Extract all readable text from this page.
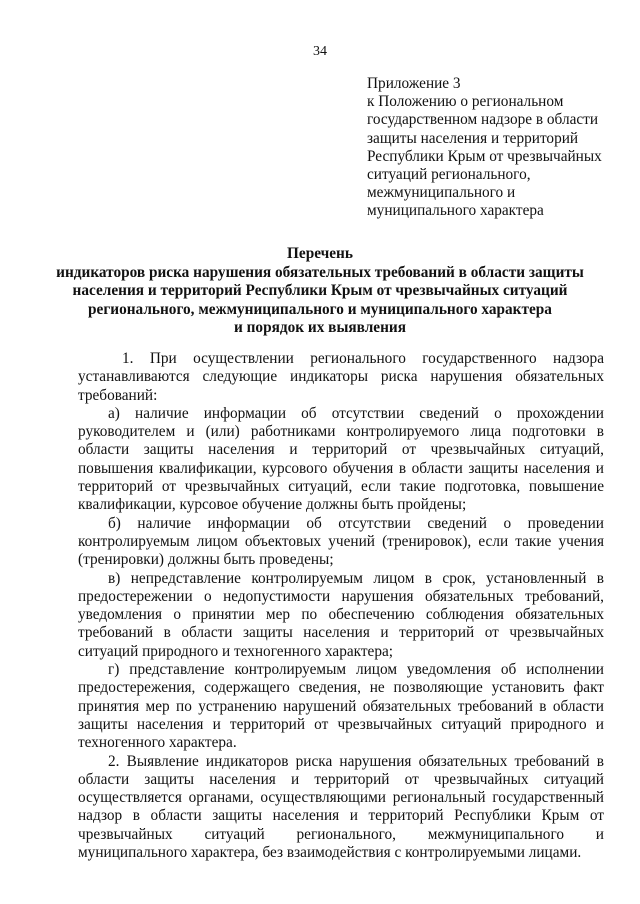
34
Приложение 3
к Положению о региональном
государственном надзоре в области
защиты населения и территорий
Республики Крым от чрезвычайных
ситуаций регионального,
межмуниципального и
муниципального характера
Перечень
индикаторов риска нарушения обязательных требований в области защиты
населения и территорий Республики Крым от чрезвычайных ситуаций
регионального, межмуниципального и муниципального характера
и порядок их выявления

1. При осуществлении регионального государственного надзора устанавливаются следующие индикаторы риска нарушения обязательных требований:

а) наличие информации об отсутствии сведений о прохождении руководителем и (или) работниками контролируемого лица подготовки в области защиты населения и территорий от чрезвычайных ситуаций, повышения квалификации, курсового обучения в области защиты населения и территорий от чрезвычайных ситуаций, если такие подготовка, повышение квалификации, курсовое обучение должны быть пройдены;

б) наличие информации об отсутствии сведений о проведении контролируемым лицом объектовых учений (тренировок), если такие учения (тренировки) должны быть проведены;

в) непредставление контролируемым лицом в срок, установленный в предостережении о недопустимости нарушения обязательных требований, уведомления о принятии мер по обеспечению соблюдения обязательных требований в области защиты населения и территорий от чрезвычайных ситуаций природного и техногенного характера;

г) представление контролируемым лицом уведомления об исполнении предостережения, содержащего сведения, не позволяющие установить факт принятия мер по устранению нарушений обязательных требований в области защиты населения и территорий от чрезвычайных ситуаций природного и техногенного характера.

2. Выявление индикаторов риска нарушения обязательных требований в области защиты населения и территорий от чрезвычайных ситуаций осуществляется органами, осуществляющими региональный государственный надзор в области защиты населения и территорий Республики Крым от чрезвычайных ситуаций регионального, межмуниципального и муниципального характера, без взаимодействия с контролируемыми лицами.
